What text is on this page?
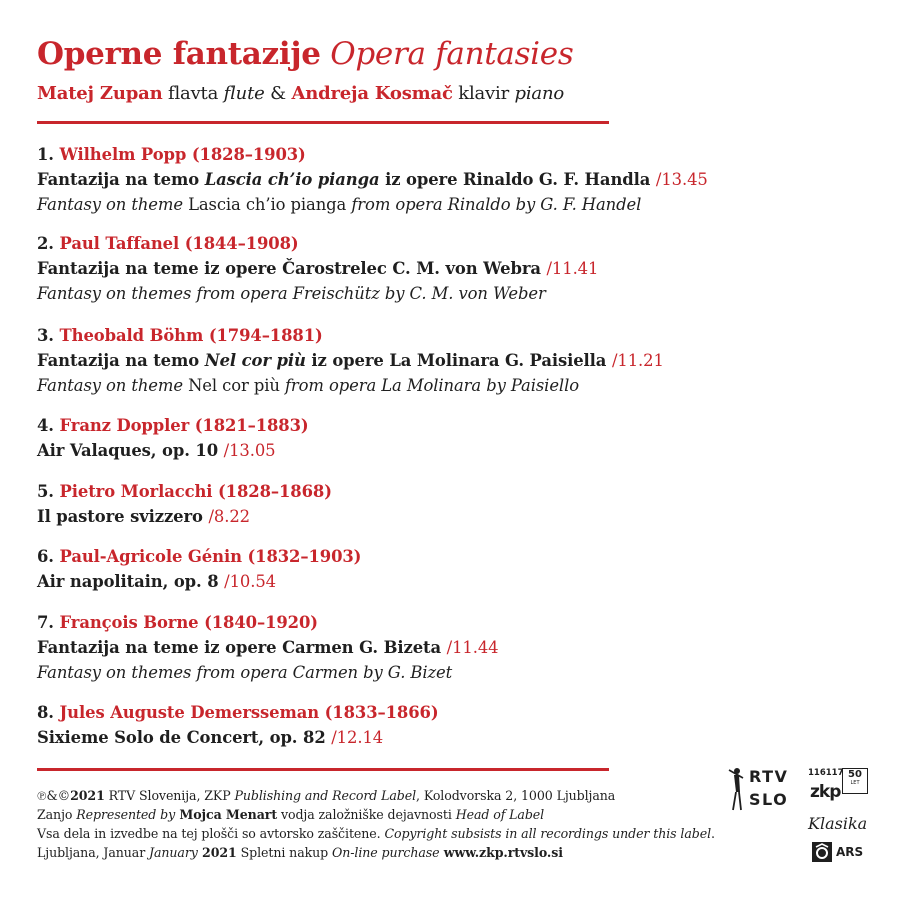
Operne fantazije Opera fantasies
Matej Zupan flavta flute & Andreja Kosmač klavir piano
1. Wilhelm Popp (1828–1903)
Fantazija na temo Lascia ch’io pianga iz opere Rinaldo G. F. Handla /13.45
Fantasy on theme Lascia ch’io pianga from opera Rinaldo by G. F. Handel
2. Paul Taffanel (1844–1908)
Fantazija na teme iz opere Čarostrelec C. M. von Webra /11.41
Fantasy on themes from opera Freischütz by C. M. von Weber
3. Theobald Böhm (1794–1881)
Fantazija na temo Nel cor più iz opere La Molinara G. Paisiella /11.21
Fantasy on theme Nel cor più from opera La Molinara by Paisiello
4. Franz Doppler (1821–1883)
Air Valaques, op. 10 /13.05
5. Pietro Morlacchi (1828–1868)
Il pastore svizzero /8.22
6. Paul-Agricole Génin (1832–1903)
Air napolitain, op. 8 /10.54
7. François Borne (1840–1920)
Fantazija na teme iz opere Carmen G. Bizeta /11.44
Fantasy on themes from opera Carmen by G. Bizet
8. Jules Auguste Demersseman (1833–1866)
Sixieme Solo de Concert, op. 82 /12.14
℗&©2021 RTV Slovenija, ZKP Publishing and Record Label, Kolodvorska 2, 1000 Ljubljana
Zanjo Represented by Mojca Menart vodja založniške dejavnosti Head of Label
Vsa dela in izvedbe na tej plošči so avtorsko zaščitene. Copyright subsists in all recordings under this label.
Ljubljana, Januar January 2021 Spletni nakup On-line purchase www.zkp.rtvslo.si
RTV
SLO
116117
zkp
50
LET
Klasika
ARS
